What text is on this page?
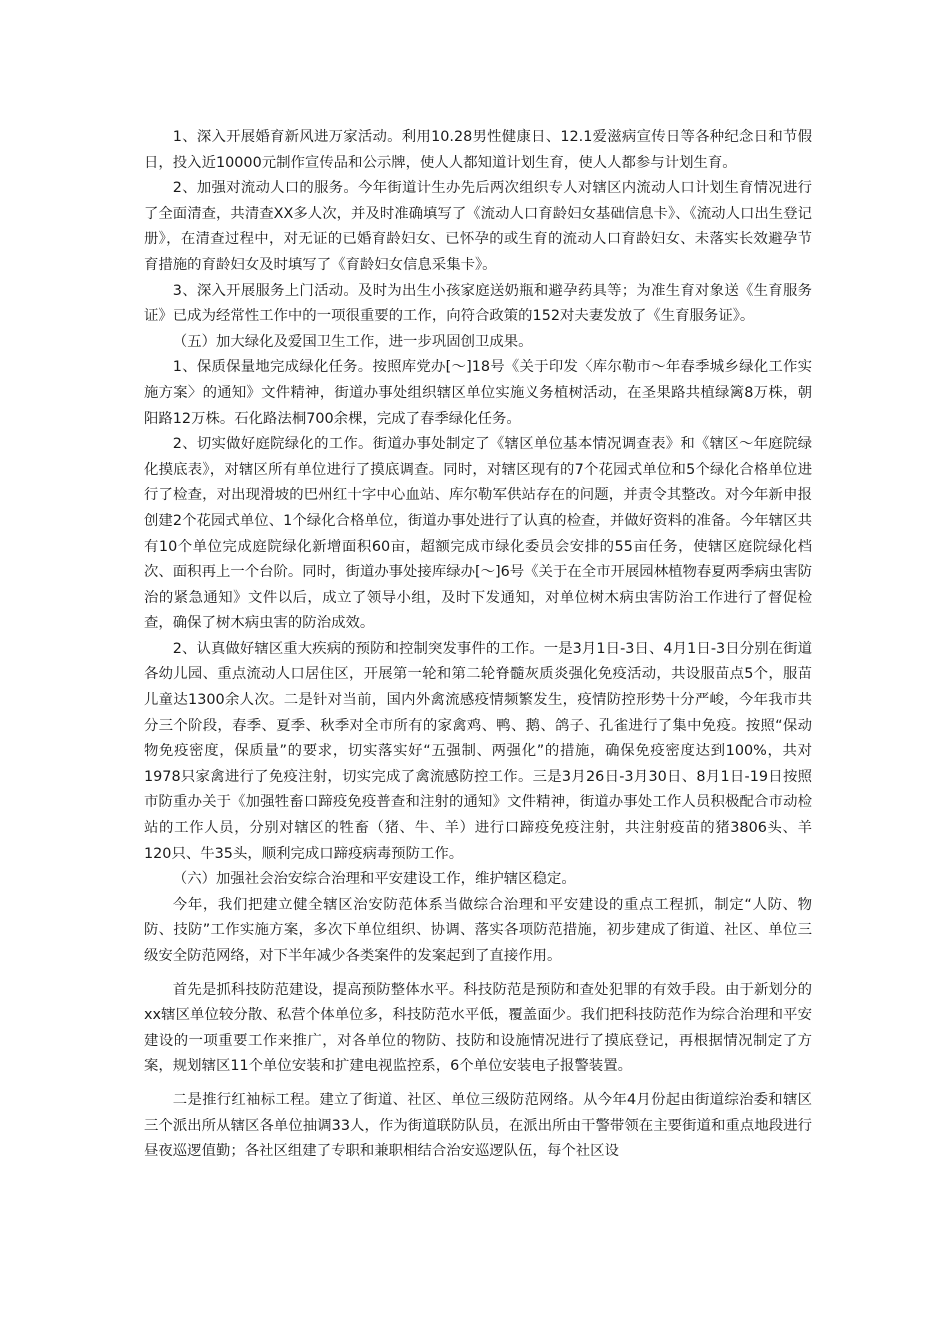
1、深入开展婚育新风进万家活动。利用10.28男性健康日、12.1爱滋病宣传日等各种纪念日和节假日，投入近10000元制作宣传品和公示牌，使人人都知道计划生育，使人人都参与计划生育。

2、加强对流动人口的服务。今年街道计生办先后两次组织专人对辖区内流动人口计划生育情况进行了全面清查，共清查XX多人次，并及时准确填写了《流动人口育龄妇女基础信息卡》、《流动人口出生登记册》，在清查过程中，对无证的已婚育龄妇女、已怀孕的或生育的流动人口育龄妇女、未落实长效避孕节育措施的育龄妇女及时填写了《育龄妇女信息采集卡》。

3、深入开展服务上门活动。及时为出生小孩家庭送奶瓶和避孕药具等；为准生育对象送《生育服务证》已成为经常性工作中的一项很重要的工作，向符合政策的152对夫妻发放了《生育服务证》。

（五）加大绿化及爱国卫生工作，进一步巩固创卫成果。

1、保质保量地完成绿化任务。按照库党办[～]18号《关于印发〈库尔勒市～年春季城乡绿化工作实施方案〉的通知》文件精神，街道办事处组织辖区单位实施义务植树活动，在圣果路共植绿篱8万株，朝阳路12万株。石化路法桐700余棵，完成了春季绿化任务。

2、切实做好庭院绿化的工作。街道办事处制定了《辖区单位基本情况调查表》和《辖区～年庭院绿化摸底表》，对辖区所有单位进行了摸底调查。同时，对辖区现有的7个花园式单位和5个绿化合格单位进行了检查，对出现滑坡的巴州红十字中心血站、库尔勒军供站存在的问题，并责令其整改。对今年新申报创建2个花园式单位、1个绿化合格单位，街道办事处进行了认真的检查，并做好资料的准备。今年辖区共有10个单位完成庭院绿化新增面积60亩，超额完成市绿化委员会安排的55亩任务，使辖区庭院绿化档次、面积再上一个台阶。同时，街道办事处接库绿办[～]6号《关于在全市开展园林植物春夏两季病虫害防治的紧急通知》文件以后，成立了领导小组，及时下发通知，对单位树木病虫害防治工作进行了督促检查，确保了树木病虫害的防治成效。

2、认真做好辖区重大疾病的预防和控制突发事件的工作。一是3月1日-3日、4月1日-3日分别在街道各幼儿园、重点流动人口居住区，开展第一轮和第二轮脊髓灰质炎强化免疫活动，共设服苗点5个，服苗儿童达1300余人次。二是针对当前，国内外禽流感疫情频繁发生，疫情防控形势十分严峻，今年我市共分三个阶段，春季、夏季、秋季对全市所有的家禽鸡、鸭、鹅、鸽子、孔雀进行了集中免疫。按照“保动物免疫密度，保质量”的要求，切实落实好“五强制、两强化”的措施，确保免疫密度达到100%，共对1978只家禽进行了免疫注射，切实完成了禽流感防控工作。三是3月26日-3月30日、8月1日-19日按照市防重办关于《加强牲畜口蹄疫免疫普查和注射的通知》文件精神，街道办事处工作人员积极配合市动检站的工作人员，分别对辖区的牲畜（猪、牛、羊）进行口蹄疫免疫注射，共注射疫苗的猪3806头、羊120只、牛35头，顺利完成口蹄疫病毒预防工作。

（六）加强社会治安综合治理和平安建设工作，维护辖区稳定。

今年，我们把建立健全辖区治安防范体系当做综合治理和平安建设的重点工程抓，制定“人防、物防、技防”工作实施方案，多次下单位组织、协调、落实各项防范措施，初步建成了街道、社区、单位三级安全防范网络，对下半年减少各类案件的发案起到了直接作用。

首先是抓科技防范建设，提高预防整体水平。科技防范是预防和查处犯罪的有效手段。由于新划分的xx辖区单位较分散、私营个体单位多，科技防范水平低，覆盖面少。我们把科技防范作为综合治理和平安建设的一项重要工作来推广，对各单位的物防、技防和设施情况进行了摸底登记，再根据情况制定了方案，规划辖区11个单位安装和扩建电视监控系，6个单位安装电子报警装置。

二是推行红袖标工程。建立了街道、社区、单位三级防范网络。从今年4月份起由街道综治委和辖区三个派出所从辖区各单位抽调33人，作为街道联防队员，在派出所由干警带领在主要街道和重点地段进行昼夜巡逻值勤；各社区组建了专职和兼职相结合治安巡逻队伍，每个社区设
